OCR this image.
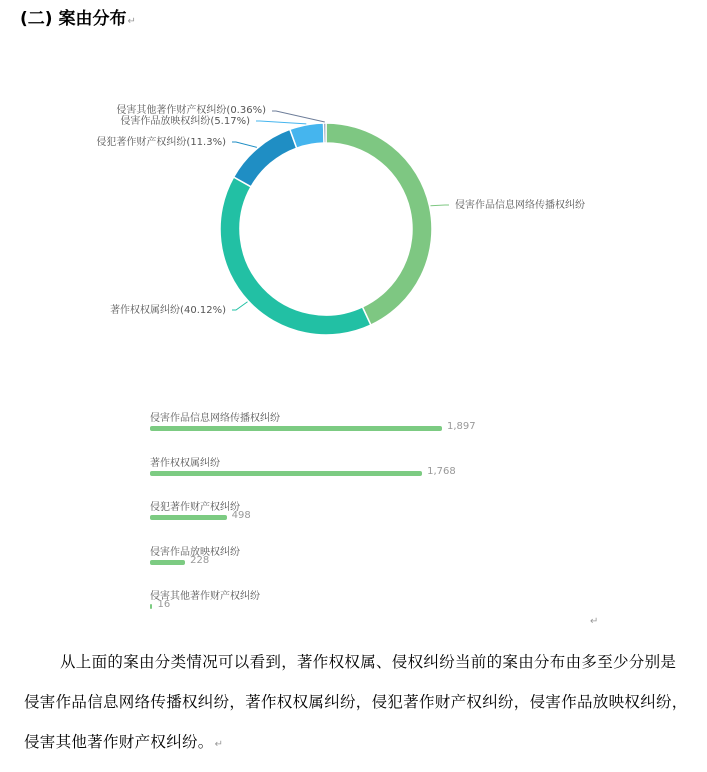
(二) 案由分布↵
侵害作品信息网络传播权纠纷
著作权权属纠纷(40.12%)
侵犯著作财产权纠纷(11.3%)
侵害作品放映权纠纷(5.17%)
侵害其他著作财产权纠纷(0.36%)
侵害作品信息网络传播权纠纷
1,897
著作权权属纠纷
1,768
侵犯著作财产权纠纷
498
侵害作品放映权纠纷
228
侵害其他著作财产权纠纷
16
↵
从上面的案由分类情况可以看到，著作权权属、侵权纠纷当前的案由分布由多至少分别是侵害作品信息网络传播权纠纷，著作权权属纠纷，侵犯著作财产权纠纷，侵害作品放映权纠纷，侵害其他著作财产权纠纷。↵
